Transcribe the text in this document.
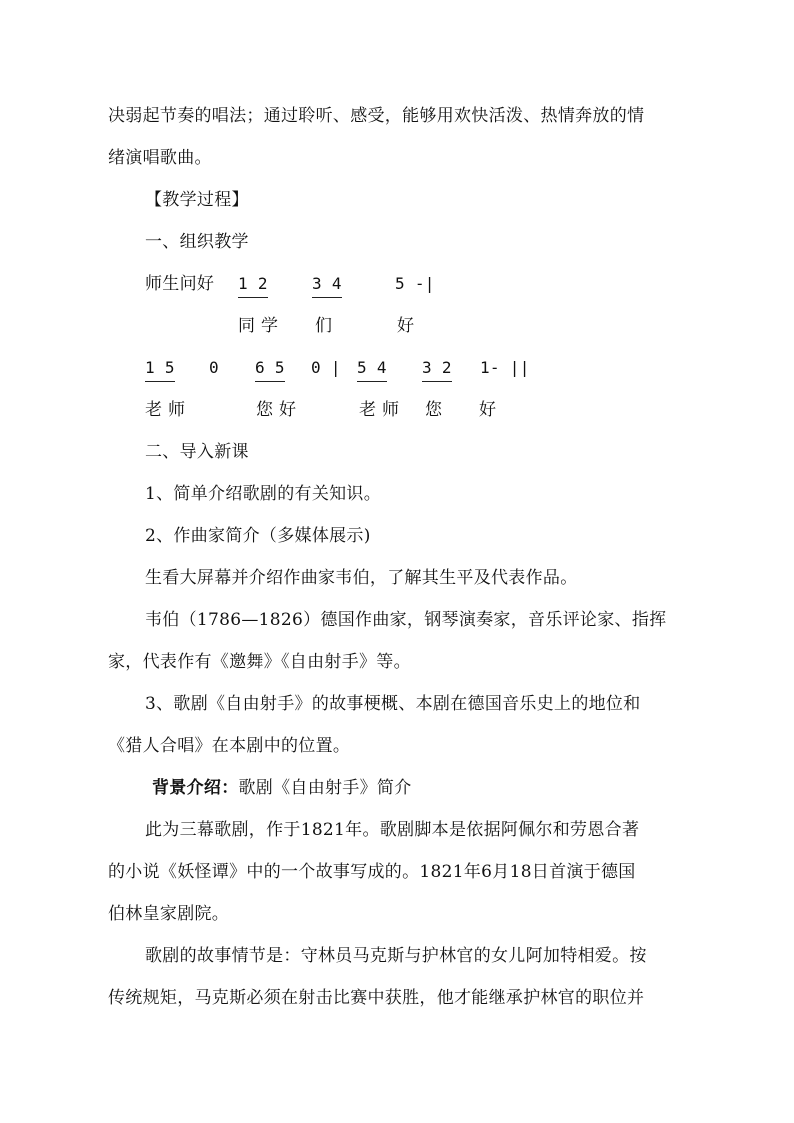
决弱起节奏的唱法；通过聆听、感受，能够用欢快活泼、热情奔放的情
绪演唱歌曲。
【教学过程】
一、组织教学
师生问好 1 2	3 4	5 -|
同 学 们	好
1 5 0 6 5 0 | 5 4 3 2 1- ||
老 师	您 好	老 师 您 好
二、导入新课
1、简单介绍歌剧的有关知识。
2、作曲家简介（多媒体展示)
生看大屏幕并介绍作曲家韦伯，了解其生平及代表作品。
韦伯（1786—1826）德国作曲家，钢琴演奏家，音乐评论家、指挥
家，代表作有《邀舞》《自由射手》等。
3、歌剧《自由射手》的故事梗概、本剧在德国音乐史上的地位和
《猎人合唱》在本剧中的位置。
背景介绍：歌剧《自由射手》简介
此为三幕歌剧，作于1821年。歌剧脚本是依据阿佩尔和劳恩合著
的小说《妖怪谭》中的一个故事写成的。1821年6月18日首演于德国
伯林皇家剧院。
歌剧的故事情节是：守林员马克斯与护林官的女儿阿加特相爱。按
传统规矩，马克斯必须在射击比赛中获胜，他才能继承护林官的职位并
